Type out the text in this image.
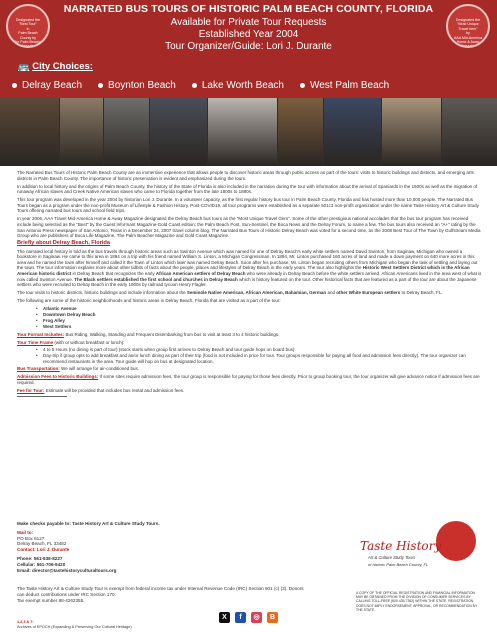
Designated the
"Best Tour"
in
Palm Beach
County by
The Palm Beacher
Magazine
NARRATED BUS TOURS OF HISTORIC PALM BEACH COUNTY, FLORIDA
Available for Private Tour Requests
Established Year 2004
Tour Organizer/Guide: Lori J. Durante
Designated the
"Most Unique
Travel Item"
by
AAA Mid-America
Home & Away
Magazine
🚌 City Choices:
Delray Beach	Boynton Beach	Lake Worth Beach	West Palm Beach

The Narrated Bus Tours of Historic Palm Beach County are an immersive experience that allows people to discover historic areas through public access as part of the tours: visits to historic buildings and districts, and emerging arts districts in Palm Beach County. The importance of historic preservation is evident and emphasized during the tours.

In addition to local history and the origins of Palm Beach County, the history of the State of Florida is also included in the narration during the tour with information about the arrival of Spaniards in the 1500s as well as the migration of runaway African slaves and Creek Native American slaves who came to Florida together from the late 1800s to 1880s.

This tour program was developed in the year 2004 by historian Lori J. Durante. In a volunteer capacity, as the first regular history bus tour in Palm Beach County, Florida and has hosted more than 10,000 people. The Narrated Bus Tours began as a program under the non-profit Museum of Lifestyle & Fashion History. Post-COVID19, all tour programs were established as a separate 501c3 non-profit organization under the name Taste History Art & Culture Study Tours offering narrated bus tours and school field trips.

In year 2006, AAA Travel Mid-America Home & Away Magazine designated the Delray Beach bus tours as the "Most Unique Travel Gem". Some of the other prestigious national accolades that the bus tour program has received include being selected as the "Best" by the Guest Informant Magazine-Gold Coast edition; the Palm Beach Post, Sun-Sentinel, the Boca News and the Delray Forum, to name a few. The bus tours also received an "A+" rating by the San Antonio Press newspaper of San Antonio, Texas in a December 24, 2007 travel column blog. The Narrated Bus Tours of Historic Delray Beach was voted for a second time, as the 2008 Best Tour of The Town by Gulfstream Media Group who are publishers of Boca Life Magazine, The Palm Beacher Magazine and Gold Coast Magazine.

Briefly about Delray Beach, Florida

The narrated local history is told as the bus travels through historic areas such as Swinton Avenue which was named for one of Delray Beach's early white settlers named David Swinton, from Saginaw, Michigan who owned a bookstore in Saginaw. He came to this area in 1894 on a trip with his friend named William S. Linton, a Michigan Congressman. In 1894, Mr. Linton purchased 160 acres of land and made a down payment on 640 more acres in this area and he named the town after himself and called it the Town of Linton which later was named Delray Beach. Soon after his purchase, Mr. Linton began recruiting others from Michigan who began the task of settling and laying out the town. The tour information explains more about other tidbits of facts about the people, places and lifestyles of Delray Beach in the early years. The tour also highlights the Historic West Settlers District which is the African American historic district in Delray Beach that recognizes the early African American settlers of Delray Beach who were already in Delray Beach before the white settlers arrived. African Americans lived in the area west of what is now called Swinton Avenue. The Black settlers established the first school and churches in Delray Beach which is history featured on the tour. Other historical facts that are featured as a part of the tour are about the Japanese settlers who were recruited to Delray Beach in the early 1900s by railroad tycoon Henry Flagler.

The tour visits to historic districts, historic buildings and include information about the Seminole Native American, African American, Bahamian, German and other White European settlers to Delray Beach, FL.

The following are some of the historic neighborhoods and historic areas in Delray Beach, Florida that are visited as a part of the tour:

• Atlantic Avenue
• Downtown Delray Beach
• Frog Alley
• West Settlers

Tour Format Includes: Bus Riding, Walking, Standing and Frequent Disembarking from bus to visit at least 3 to 4 historic buildings.

Tour Time Frame (with or without breakfast or lunch):

• 4 to 5 Hours (no dining is part of tour) (stock starts when group first arrives to Delray Beach and tour guide hops on board bus)
• Day-trip if group opts to add breakfast and an/or lunch dining as part of their trip (food is not included in price for tour. Tour groups responsible for paying all food and admission fees directly). The tour organizer can recommend restaurants in the area. Tour guide will hop on bus at designated location.

Bus Transportation: We will arrange for air-conditioned bus.

Admission Fees to Historic Buildings: If some sites require admission fees, the tour group is responsible for paying for those fees directly. Prior to group booking tour, the tour organizer will give advance notice if admission fees are required.

Fee for Tour: Estimate will be provided that includes bus rental and admission fees.

Make checks payable to: Taste History Art & Culture Study Tours.
Mail to:
PO Box 6127
Delray Beach, FL 33482
Contact: Lori J. Durante
Phone: 561-638-8227
Cellular: 561-706-9420
Email: director@tastehistoryculturaltours.org
The Taste History Art & Culture Study Tour is exempt from federal income tax under Internal Revenue Code (IRC) Section 501 (c) (3). Donors can deduct contributions under IRC Section 170.
Tax exempt number 88-4262355.
1,2,3 & 7:
Archives of EPOCH (Expanding & Preserving Our Cultural Heritage)
Taste History
Art & Culture Study Tours
of historic Palm Beach County, FL
A COPY OF THE OFFICIAL REGISTRATION AND FINANCIAL INFORMATION MAY BE OBTAINED FROM THE DIVISION OF CONSUMER SERVICES BY CALLING TOLL-FREE (800-435-7352) WITHIN THE STATE. REGISTRATION DOES NOT IMPLY ENDORSEMENT, APPROVAL, OR RECOMMENDATION BY THE STATE.
X	f	◎	B
